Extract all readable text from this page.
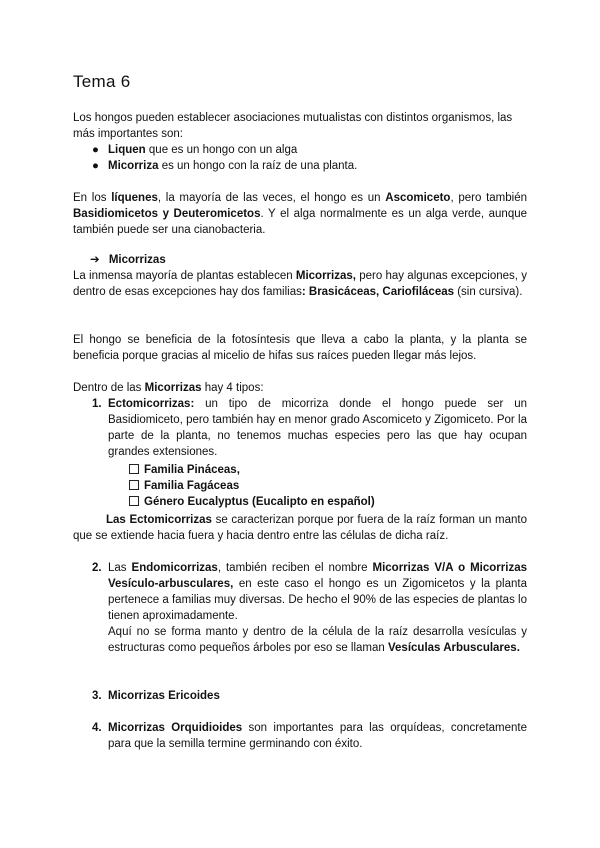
Tema 6

Los hongos pueden establecer asociaciones mutualistas con distintos organismos, las más importantes son:

● Liquen que es un hongo con un alga
● Micorriza es un hongo con la raíz de una planta.

En los líquenes, la mayoría de las veces, el hongo es un Ascomiceto, pero también Basidiomicetos y Deuteromicetos. Y el alga normalmente es un alga verde, aunque también puede ser una cianobacteria.

➔ Micorrizas

La inmensa mayoría de plantas establecen Micorrizas, pero hay algunas excepciones, y dentro de esas excepciones hay dos familias: Brasicáceas, Cariofiláceas (sin cursiva).

El hongo se beneficia de la fotosíntesis que lleva a cabo la planta, y la planta se beneficia porque gracias al micelio de hifas sus raíces pueden llegar más lejos.

Dentro de las Micorrizas hay 4 tipos:

1. Ectomicorrizas: un tipo de micorriza donde el hongo puede ser un Basidiomiceto, pero también hay en menor grado Ascomiceto y Zigomiceto. Por la parte de la planta, no tenemos muchas especies pero las que hay ocupan grandes extensiones.

Familia Pináceas,
Familia Fagáceas
Género Eucalyptus (Eucalipto en español)

Las Ectomicorrizas se caracterizan porque por fuera de la raíz forman un manto que se extiende hacia fuera y hacia dentro entre las células de dicha raíz.

2. Las Endomicorrizas, también reciben el nombre Micorrizas V/A o Micorrizas Vesículo-arbusculares, en este caso el hongo es un Zigomicetos y la planta pertenece a familias muy diversas. De hecho el 90% de las especies de plantas lo tienen aproximadamente.

Aquí no se forma manto y dentro de la célula de la raíz desarrolla vesículas y estructuras como pequeños árboles por eso se llaman Vesículas Arbusculares.

3. Micorrizas Ericoides

4. Micorrizas Orquidioides son importantes para las orquídeas, concretamente para que la semilla termine germinando con éxito.
